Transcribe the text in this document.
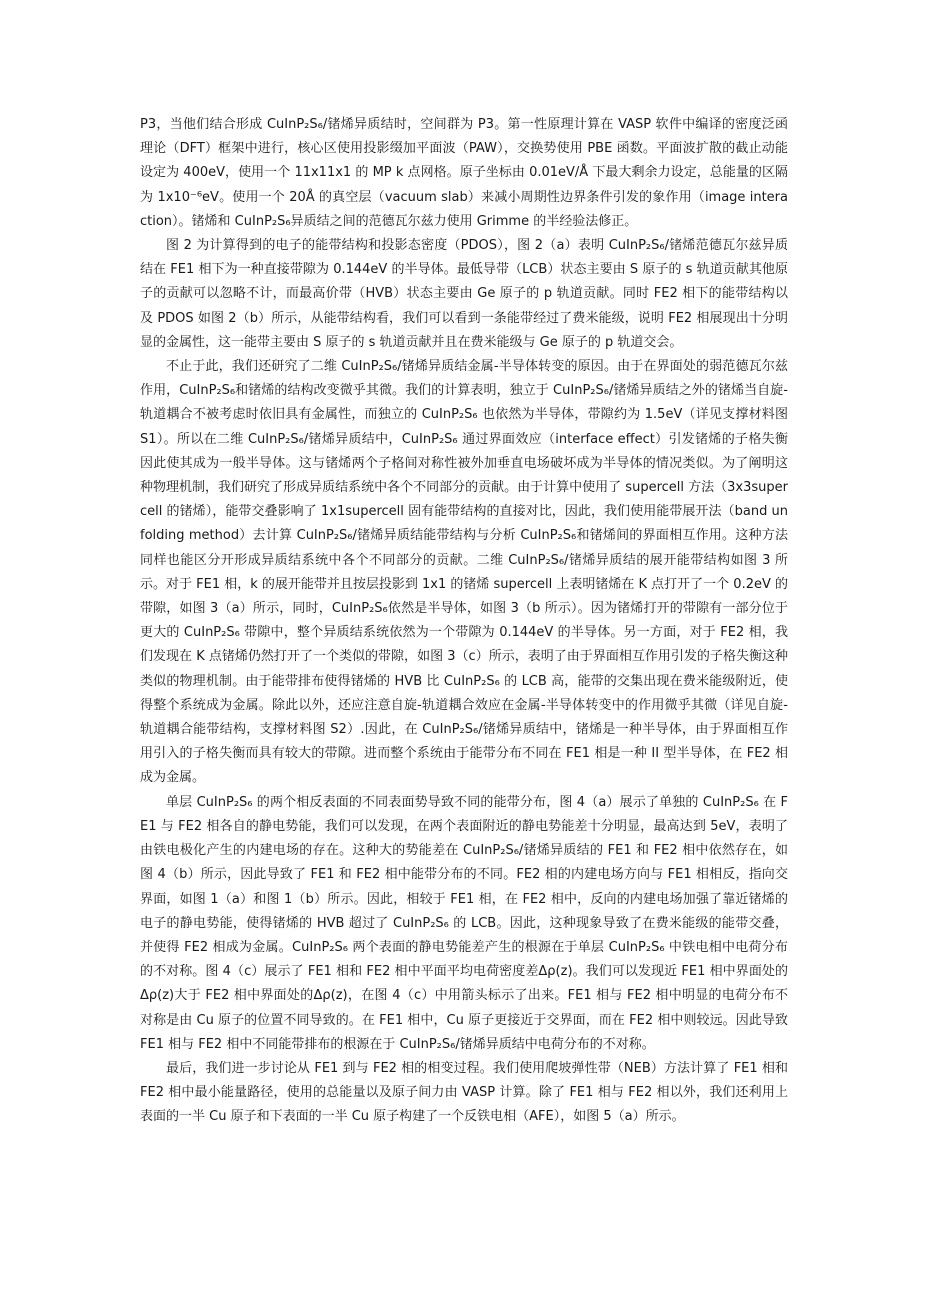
P3，当他们结合形成 CuInP₂S₆/锗烯异质结时，空间群为 P3。第一性原理计算在 VASP 软件中编译的密度泛函理论（DFT）框架中进行，核心区使用投影缀加平面波（PAW），交换势使用 PBE 函数。平面波扩散的截止动能设定为 400eV，使用一个 11x11x1 的 MP k 点网格。原子坐标由 0.01eV/Å 下最大剩余力设定，总能量的区隔为 1x10⁻⁶eV。使用一个 20Å 的真空层（vacuum slab）来减小周期性边界条件引发的象作用（image interaction）。锗烯和 CuInP₂S₆异质结之间的范德瓦尔兹力使用 Grimme 的半经验法修正。

图 2 为计算得到的电子的能带结构和投影态密度（PDOS），图 2（a）表明 CuInP₂S₆/锗烯范德瓦尔兹异质结在 FE1 相下为一种直接带隙为 0.144eV 的半导体。最低导带（LCB）状态主要由 S 原子的 s 轨道贡献其他原子的贡献可以忽略不计，而最高价带（HVB）状态主要由 Ge 原子的 p 轨道贡献。同时 FE2 相下的能带结构以及 PDOS 如图 2（b）所示，从能带结构看，我们可以看到一条能带经过了费米能级，说明 FE2 相展现出十分明显的金属性，这一能带主要由 S 原子的 s 轨道贡献并且在费米能级与 Ge 原子的 p 轨道交会。

不止于此，我们还研究了二维 CuInP₂S₆/锗烯异质结金属-半导体转变的原因。由于在界面处的弱范德瓦尔兹作用，CuInP₂S₆和锗烯的结构改变微乎其微。我们的计算表明，独立于 CuInP₂S₆/锗烯异质结之外的锗烯当自旋-轨道耦合不被考虑时依旧具有金属性，而独立的 CuInP₂S₆ 也依然为半导体，带隙约为 1.5eV（详见支撑材料图 S1）。所以在二维 CuInP₂S₆/锗烯异质结中，CuInP₂S₆ 通过界面效应（interface effect）引发锗烯的子格失衡因此使其成为一般半导体。这与锗烯两个子格间对称性被外加垂直电场破坏成为半导体的情况类似。为了阐明这种物理机制，我们研究了形成异质结系统中各个不同部分的贡献。由于计算中使用了 supercell 方法（3x3supercell 的锗烯），能带交叠影响了 1x1supercell 固有能带结构的直接对比，因此，我们使用能带展开法（band unfolding method）去计算 CuInP₂S₆/锗烯异质结能带结构与分析 CuInP₂S₆和锗烯间的界面相互作用。这种方法同样也能区分开形成异质结系统中各个不同部分的贡献。二维 CuInP₂S₆/锗烯异质结的展开能带结构如图 3 所示。对于 FE1 相，k 的展开能带并且按层投影到 1x1 的锗烯 supercell 上表明锗烯在 K 点打开了一个 0.2eV 的带隙，如图 3（a）所示，同时，CuInP₂S₆依然是半导体，如图 3（b 所示）。因为锗烯打开的带隙有一部分位于更大的 CuInP₂S₆ 带隙中，整个异质结系统依然为一个带隙为 0.144eV 的半导体。另一方面，对于 FE2 相，我们发现在 K 点锗烯仍然打开了一个类似的带隙，如图 3（c）所示，表明了由于界面相互作用引发的子格失衡这种类似的物理机制。由于能带排布使得锗烯的 HVB 比 CuInP₂S₆ 的 LCB 高，能带的交集出现在费米能级附近，使得整个系统成为金属。除此以外，还应注意自旋-轨道耦合效应在金属-半导体转变中的作用微乎其微（详见自旋-轨道耦合能带结构，支撑材料图 S2）.因此，在 CuInP₂S₆/锗烯异质结中，锗烯是一种半导体，由于界面相互作用引入的子格失衡而具有较大的带隙。进而整个系统由于能带分布不同在 FE1 相是一种 II 型半导体，在 FE2 相成为金属。

单层 CuInP₂S₆ 的两个相反表面的不同表面势导致不同的能带分布，图 4（a）展示了单独的 CuInP₂S₆ 在 FE1 与 FE2 相各自的静电势能，我们可以发现，在两个表面附近的静电势能差十分明显，最高达到 5eV，表明了由铁电极化产生的内建电场的存在。这种大的势能差在 CuInP₂S₆/锗烯异质结的 FE1 和 FE2 相中依然存在，如图 4（b）所示，因此导致了 FE1 和 FE2 相中能带分布的不同。FE2 相的内建电场方向与 FE1 相相反，指向交界面，如图 1（a）和图 1（b）所示。因此，相较于 FE1 相，在 FE2 相中，反向的内建电场加强了靠近锗烯的电子的静电势能，使得锗烯的 HVB 超过了 CuInP₂S₆ 的 LCB。因此，这种现象导致了在费米能级的能带交叠，并使得 FE2 相成为金属。CuInP₂S₆ 两个表面的静电势能差产生的根源在于单层 CuInP₂S₆ 中铁电相中电荷分布的不对称。图 4（c）展示了 FE1 相和 FE2 相中平面平均电荷密度差Δρ(z)。我们可以发现近 FE1 相中界面处的Δρ(z)大于 FE2 相中界面处的Δρ(z)，在图 4（c）中用箭头标示了出来。FE1 相与 FE2 相中明显的电荷分布不对称是由 Cu 原子的位置不同导致的。在 FE1 相中，Cu 原子更接近于交界面，而在 FE2 相中则较远。因此导致 FE1 相与 FE2 相中不同能带排布的根源在于 CuInP₂S₆/锗烯异质结中电荷分布的不对称。

最后，我们进一步讨论从 FE1 到与 FE2 相的相变过程。我们使用爬坡弹性带（NEB）方法计算了 FE1 相和 FE2 相中最小能量路径，使用的总能量以及原子间力由 VASP 计算。除了 FE1 相与 FE2 相以外，我们还利用上表面的一半 Cu 原子和下表面的一半 Cu 原子构建了一个反铁电相（AFE），如图 5（a）所示。
